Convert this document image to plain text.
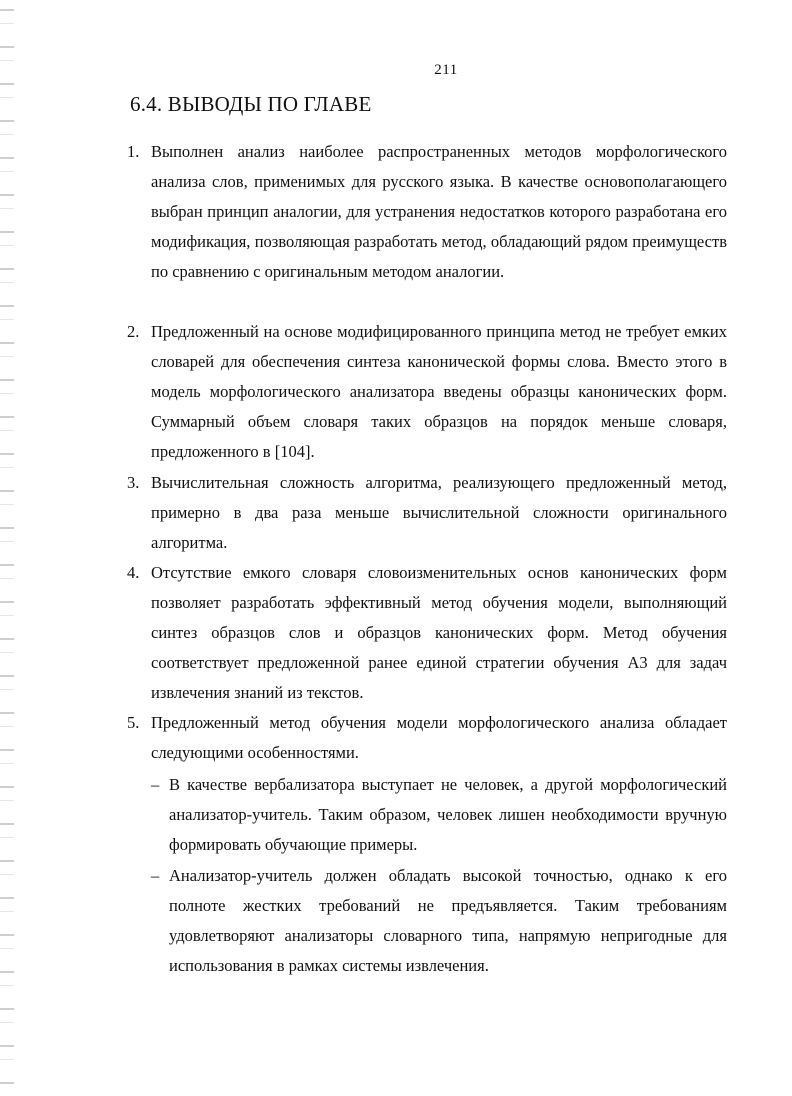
211
6.4. ВЫВОДЫ ПО ГЛАВЕ
1. Выполнен анализ наиболее распространенных методов морфологического анализа слов, применимых для русского языка. В качестве основополагающего выбран принцип аналогии, для устранения недостатков которого разработана его модификация, позволяющая разработать метод, обладающий рядом преимуществ по сравнению с оригинальным методом аналогии.
2. Предложенный на основе модифицированного принципа метод не требует емких словарей для обеспечения синтеза канонической формы слова. Вместо этого в модель морфологического анализатора введены образцы канонических форм. Суммарный объем словаря таких образцов на порядок меньше словаря, предложенного в [104].
3. Вычислительная сложность алгоритма, реализующего предложенный метод, примерно в два раза меньше вычислительной сложности оригинального алгоритма.
4. Отсутствие емкого словаря словоизменительных основ канонических форм позволяет разработать эффективный метод обучения модели, выполняющий синтез образцов слов и образцов канонических форм. Метод обучения соответствует предложенной ранее единой стратегии обучения А3 для задач извлечения знаний из текстов.
5. Предложенный метод обучения модели морфологического анализа обладает следующими особенностями.
– В качестве вербализатора выступает не человек, а другой морфологический анализатор-учитель. Таким образом, человек лишен необходимости вручную формировать обучающие примеры.
– Анализатор-учитель должен обладать высокой точностью, однако к его полноте жестких требований не предъявляется. Таким требованиям удовлетворяют анализаторы словарного типа, напрямую непригодные для использования в рамках системы извлечения.
